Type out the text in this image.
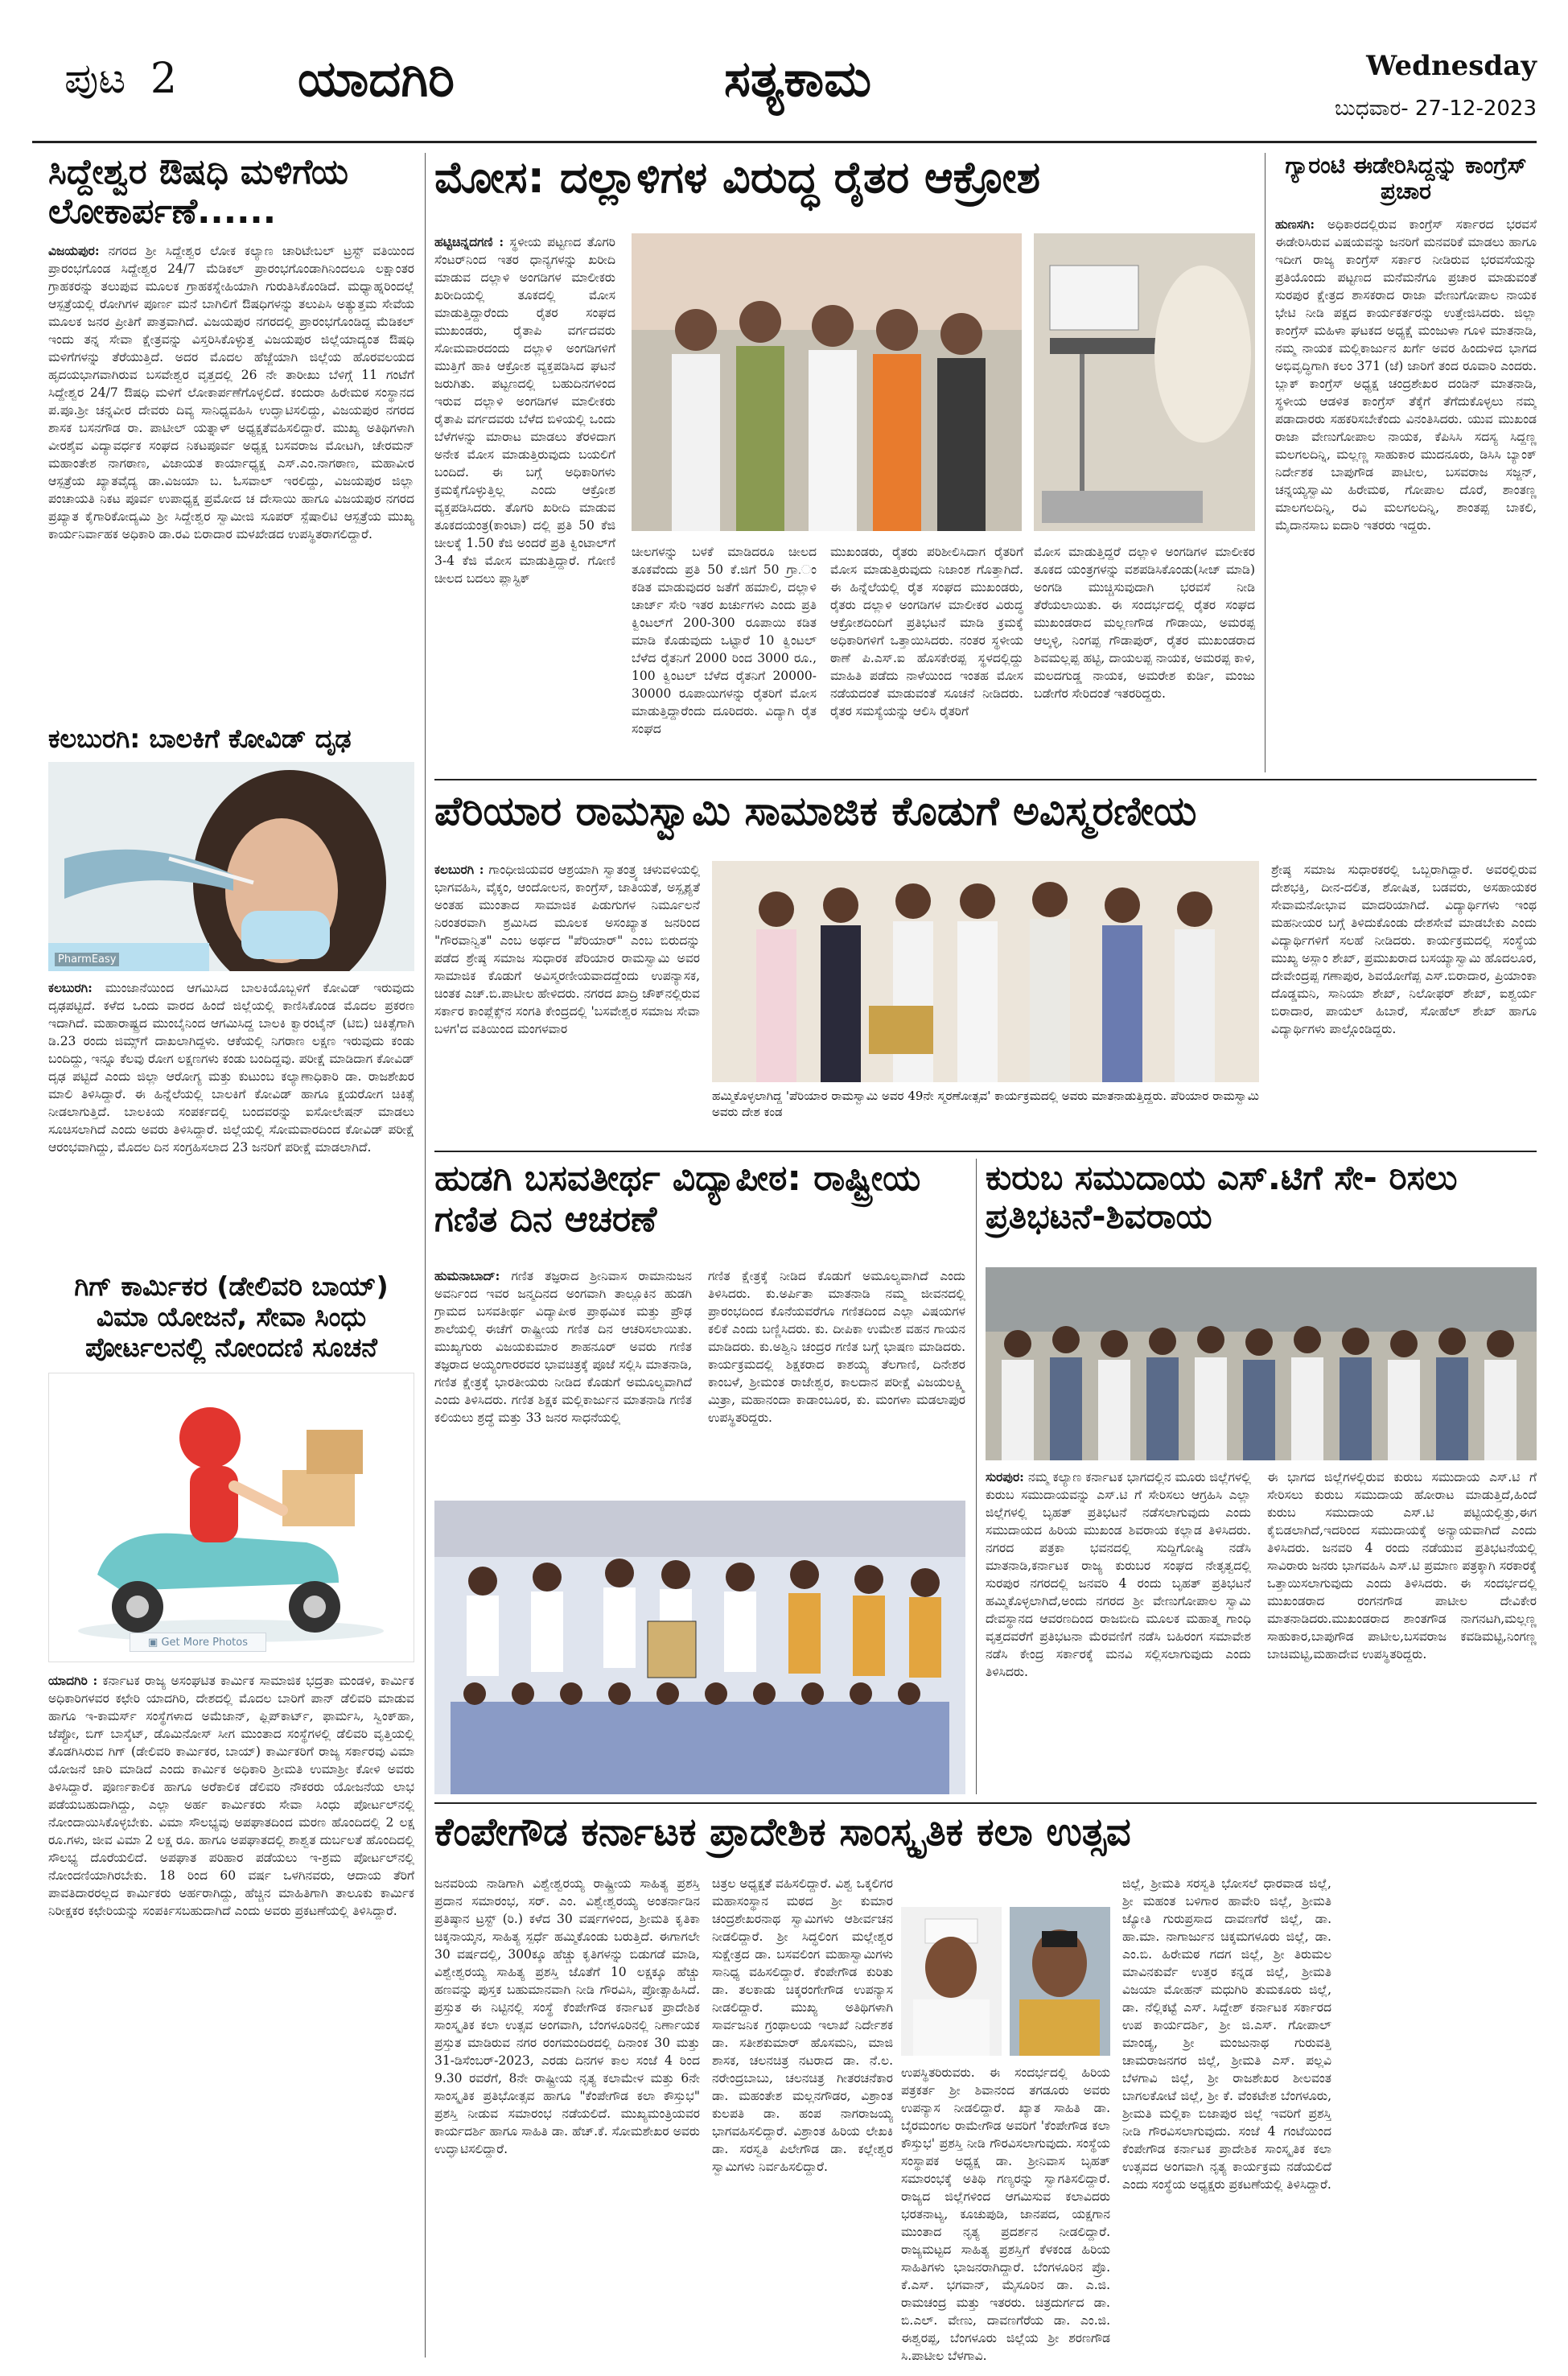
ಪುಟ 2 ಯಾದಗಿರಿ	ಸತ್ಯಕಾಮ	Wednesday
ಬುಧವಾರ- 27-12-2023
ಸಿದ್ದೇಶ್ವರ ಔಷಧಿ ಮಳಿಗೆಯ ಲೋಕಾರ್ಪಣೆ......

ವಿಜಯಪುರ: ನಗರದ ಶ್ರೀ ಸಿದ್ದೇಶ್ವರ ಲೋಕ ಕಲ್ಯಾಣ ಚಾರಿಟೇಬಲ್ ಟ್ರಸ್ಟ್ ವತಿಯಿಂದ ಪ್ರಾರಂಭಗೊಂಡ ಸಿದ್ದೇಶ್ವರ 24/7 ಮೆಡಿಕಲ್ ಪ್ರಾರಂಭಗೊಂಡಾಗಿನಿಂದಲೂ ಲಕ್ಷಾಂತರ ಗ್ರಾಹಕರನ್ನು ತಲುಪುವ ಮೂಲಕ ಗ್ರಾಹಕಸ್ನೇಹಿಯಾಗಿ ಗುರುತಿಸಿಕೊಂಡಿದೆ. ಮಧ್ಯಾಹ್ನರಿಂದಲ್ಲೆ ಆಸ್ಪತ್ರೆಯಲ್ಲಿ ರೋಗಿಗಳ ಪೂರ್ಣ ಮನೆ ಬಾಗಿಲಿಗೆ ಔಷಧಿಗಳನ್ನು ತಲುಪಿಸಿ ಅತ್ಯುತ್ತಮ ಸೇವೆಯ ಮೂಲಕ ಜನರ ಪ್ರೀತಿಗೆ ಪಾತ್ರವಾಗಿದೆ. ವಿಜಯಪುರ ನಗರದಲ್ಲಿ ಪ್ರಾರಂಭಗೊಂಡಿದ್ದ ಮೆಡಿಕಲ್ ಇಂದು ತನ್ನ ಸೇವಾ ಕ್ಷೇತ್ರವನ್ನು ವಿಸ್ತರಿಸಿಕೊಳ್ಳುತ್ತ ವಿಜಯಪುರ ಜಿಲ್ಲೆಯಾದ್ಯಂತ ಔಷಧಿ ಮಳಿಗೆಗಳನ್ನು ತೆರೆಯುತ್ತಿದೆ. ಅದರ ಮೊದಲ ಹೆಜ್ಜೆಯಾಗಿ ಜಿಲ್ಲೆಯ ಹೊರವಲಯದ ಹೃದಯಭಾಗವಾಗಿರುವ ಬಸವೇಶ್ವರ ವೃತ್ತದಲ್ಲಿ 26 ನೇ ತಾರೀಖು ಬೆಳಿಗ್ಗೆ 11 ಗಂಟೆಗೆ ಸಿದ್ದೇಶ್ವರ 24/7 ಔಷಧಿ ಮಳಿಗೆ ಲೋಕಾರ್ಪಣೆಗೊಳ್ಳಲಿದೆ. ಕಂದುರಾ ಹಿರೇಮಠ ಸಂಸ್ಥಾನದ ಪ.ಪೂ.ಶ್ರೀ ಚನ್ನವೀರ ದೇವರು ದಿವ್ಯ ಸಾನಿಧ್ಯವಹಿಸಿ ಉದ್ಘಾಟಿಸಲಿದ್ದು, ವಿಜಯಪುರ ನಗರದ ಶಾಸಕ ಬಸನಗೌಡ ರಾ. ಪಾಟೀಲ್ ಯತ್ನಾಳ್ ಅಧ್ಯಕ್ಷತೆವಹಿಸಲಿದ್ದಾರೆ. ಮುಖ್ಯ ಅತಿಥಿಗಳಾಗಿ ವೀರಶೈವ ವಿದ್ಯಾವರ್ಧಕ ಸಂಘದ ನಿಕಟಪೂರ್ವ ಅಧ್ಯಕ್ಷ ಬಸವರಾಜ ಮೋಟಗಿ, ಚೇರಮನ್ ಮಹಾಂತೇಶ ನಾಗಠಾಣ, ವಿಜಾಯತ ಕಾರ್ಯಾಧ್ಯಕ್ಷ ಎಸ್.ಎಂ.ನಾಗಠಾಣ, ಮಹಾವೀರ ಆಸ್ಪತ್ರೆಯ ಖ್ಯಾತವೈದ್ಯ ಡಾ.ವಿಜಯಾ ಬ. ಓಸವಾಲ್ ಇರಲಿದ್ದು, ವಿಜಯಪುರ ಜಿಲ್ಲಾ ಪಂಚಾಯತಿ ನಿಕಟ ಪೂರ್ವ ಉಪಾಧ್ಯಕ್ಷ ಪ್ರಮೋದ ಚ ದೇಸಾಯಿ ಹಾಗೂ ವಿಜಯಪುರ ನಗರದ ಪ್ರಖ್ಯಾತ ಕೈಗಾರಿಕೋದ್ಯಮಿ ಶ್ರೀ ಸಿದ್ದೇಶ್ವರ ಸ್ವಾಮೀಜಿ ಸೂಪರ್ ಸ್ಪೆಷಾಲಿಟಿ ಆಸ್ಪತ್ರೆಯ ಮುಖ್ಯ ಕಾರ್ಯನಿರ್ವಾಹಕ ಅಧಿಕಾರಿ ಡಾ.ರವಿ ಬಿರಾದಾರ ಮಳಖೇಡದ ಉಪಸ್ಥಿತರಾಗಲಿದ್ದಾರೆ.

ಕಲಬುರಗಿ: ಬಾಲಕಿಗೆ ಕೋವಿಡ್ ದೃಢ
PharmEasy

ಕಲಬುರಗಿ: ಮುಂಜಾನೆಯಿಂದ ಆಗಮಿಸಿದ ಬಾಲಕಿಯೊಬ್ಬಳಿಗೆ ಕೋವಿಡ್ ಇರುವುದು ದೃಢಪಟ್ಟಿದೆ. ಕಳೆದ ಒಂದು ವಾರದ ಹಿಂದೆ ಜಿಲ್ಲೆಯಲ್ಲಿ ಕಾಣಿಸಿಕೊಂಡ ಮೊದಲ ಪ್ರಕರಣ ಇದಾಗಿದೆ. ಮಹಾರಾಷ್ಟ್ರದ ಮುಂಬೈನಿಂದ ಆಗಮಿಸಿದ್ದ ಬಾಲಕಿ ಕ್ವಾರಂಟೈನ್ (ಟಿಬಿ) ಚಿಕಿತ್ಸೆಗಾಗಿ ಡಿ.23 ರಂದು ಜಿಮ್ಸ್‌ಗೆ ದಾಖಲಾಗಿದ್ದಳು. ಆಕೆಯಲ್ಲಿ ನಿಗರಾಣ ಲಕ್ಷಣ ಇರುವುದು ಕಂಡು ಬಂದಿದ್ದು, ಇನ್ನೂ ಕೆಲವು ರೋಗ ಲಕ್ಷಣಗಳು ಕಂಡು ಬಂದಿದ್ದವು. ಪರೀಕ್ಷೆ ಮಾಡಿದಾಗ ಕೋವಿಡ್ ದೃಢ ಪಟ್ಟಿದೆ ಎಂದು ಜಿಲ್ಲಾ ಆರೋಗ್ಯ ಮತ್ತು ಕುಟುಂಬ ಕಲ್ಯಾಣಾಧಿಕಾರಿ ಡಾ. ರಾಜಶೇಖರ ಮಾಲಿ ತಿಳಿಸಿದ್ದಾರೆ. ಈ ಹಿನ್ನೆಲೆಯಲ್ಲಿ ಬಾಲಕಿಗೆ ಕೋವಿಡ್ ಹಾಗೂ ಕ್ಷಯರೋಗ ಚಿಕಿತ್ಸೆ ನೀಡಲಾಗುತ್ತಿದೆ. ಬಾಲಕಿಯ ಸಂಪರ್ಕದಲ್ಲಿ ಬಂದವರನ್ನು ಐಸೋಲೇಷನ್ ಮಾಡಲು ಸೂಚಿಸಲಾಗಿದೆ ಎಂದು ಅವರು ತಿಳಿಸಿದ್ದಾರೆ. ಜಿಲ್ಲೆಯಲ್ಲಿ ಸೋಮವಾರದಿಂದ ಕೋವಿಡ್ ಪರೀಕ್ಷೆ ಆರಂಭವಾಗಿದ್ದು, ಮೊದಲ ದಿನ ಸಂಗ್ರಹಿಸಲಾದ 23 ಜನರಿಗೆ ಪರೀಕ್ಷೆ ಮಾಡಲಾಗಿದೆ.

ಗಿಗ್ ಕಾರ್ಮಿಕರ (ಡೇಲಿವರಿ ಬಾಯ್) ವಿಮಾ ಯೋಜನೆ, ಸೇವಾ ಸಿಂಧು ಪೋರ್ಟಲನಲ್ಲಿ ನೋಂದಣಿ ಸೂಚನೆ
▣ Get More Photos

ಯಾದಗಿರಿ : ಕರ್ನಾಟಕ ರಾಜ್ಯ ಅಸಂಘಟಿತ ಕಾರ್ಮಿಕ ಸಾಮಾಜಿಕ ಭದ್ರತಾ ಮಂಡಳಿ, ಕಾರ್ಮಿಕ ಅಧಿಕಾರಿಗಳವರ ಕಛೇರಿ ಯಾದಗಿರಿ, ದೇಶದಲ್ಲಿ ಮೊದಲ ಬಾರಿಗೆ ಪಾನ್ ಡೆಲಿವರಿ ಮಾಡುವ ಹಾಗೂ ಇ-ಕಾಮರ್ಸ್ ಸಂಸ್ಥೆಗಳಾದ ಅಮೆಜಾನ್, ಫ್ಲಿಪ್‌ಕಾರ್ಟ್, ಫಾರ್ಮಸಿ, ಸ್ವಿಂಕ್‌ಹಾ, ಜೆಪ್ಟೋ, ಬಿಗ್ ಬಾಸ್ಕೆಟ್, ಡೊಮಿನೋಸ್ ಸೀಗ ಮುಂತಾದ ಸಂಸ್ಥೆಗಳಲ್ಲಿ ಡೆಲಿವರಿ ವೃತ್ತಿಯಲ್ಲಿ ತೊಡಗಿಸಿರುವ ಗಿಗ್ (ಡೇಲಿವರಿ ಕಾರ್ಮಿಕರ, ಬಾಯ್) ಕಾರ್ಮಿಕರಿಗೆ ರಾಜ್ಯ ಸರ್ಕಾರವು ವಿಮಾ ಯೋಜನೆ ಜಾರಿ ಮಾಡಿದೆ ಎಂದು ಕಾರ್ಮಿಕ ಅಧಿಕಾರಿ ಶ್ರೀಮತಿ ಉಮಾಶ್ರೀ ಕೋಳಿ ಅವರು ತಿಳಿಸಿದ್ದಾರೆ. ಪೂರ್ಣಕಾಲಿಕ ಹಾಗೂ ಅರೆಕಾಲಿಕ ಡೆಲಿವರಿ ನೌಕರರು ಯೋಜನೆಯ ಲಾಭ ಪಡೆಯಬಹುದಾಗಿದ್ದು, ಎಲ್ಲಾ ಅರ್ಹ ಕಾರ್ಮಿಕರು ಸೇವಾ ಸಿಂಧು ಪೋರ್ಟಲ್‌ನಲ್ಲಿ ನೋಂದಾಯಿಸಿಕೊಳ್ಳಬೇಕು. ವಿಮಾ ಸೌಲಭ್ಯವು ಅಪಘಾತದಿಂದ ಮರಣ ಹೊಂದಿದಲ್ಲಿ 2 ಲಕ್ಷ ರೂ.ಗಳು, ಜೀವ ವಿಮಾ 2 ಲಕ್ಷ ರೂ. ಹಾಗೂ ಅಪಘಾತದಲ್ಲಿ ಶಾಶ್ವತ ದುರ್ಬಲತೆ ಹೊಂದಿದಲ್ಲಿ ಸೌಲಭ್ಯ ದೊರೆಯಲಿದೆ. ಅಪಘಾತ ಪರಿಹಾರ ಪಡೆಯಲು ಇ-ಶ್ರಮ ಪೋರ್ಟಲ್‌ನಲ್ಲಿ ನೋಂದಣಿಯಾಗಿರಬೇಕು. 18 ರಿಂದ 60 ವರ್ಷ ಒಳಗಿನವರು, ಆದಾಯ ತೆರಿಗೆ ಪಾವತಿದಾರರಲ್ಲದ ಕಾರ್ಮಿಕರು ಅರ್ಹರಾಗಿದ್ದು, ಹೆಚ್ಚಿನ ಮಾಹಿತಿಗಾಗಿ ತಾಲೂಕು ಕಾರ್ಮಿಕ ನಿರೀಕ್ಷಕರ ಕಛೇರಿಯನ್ನು ಸಂಪರ್ಕಿಸಬಹುದಾಗಿದೆ ಎಂದು ಅವರು ಪ್ರಕಟಣೆಯಲ್ಲಿ ತಿಳಿಸಿದ್ದಾರೆ.

ಮೋಸ: ದಲ್ಲಾಳಿಗಳ ವಿರುದ್ಧ ರೈತರ ಆಕ್ರೋಶ

ಹಟ್ಟಿಚಿನ್ನದಗಣಿ : ಸ್ಥಳೀಯ ಪಟ್ಟಣದ ತೊಗರಿ ಸೆಂಟರ್‌ನಿಂದ ಇತರ ಧಾನ್ಯಗಳನ್ನು ಖರೀದಿ ಮಾಡುವ ದಲ್ಲಾಳಿ ಅಂಗಡಿಗಳ ಮಾಲೀಕರು ಖರೀದಿಯಲ್ಲಿ ತೂಕದಲ್ಲಿ ಮೋಸ ಮಾಡುತ್ತಿದ್ದಾರೆಂದು ರೈತರ ಸಂಘದ ಮುಖಂಡರು, ರೈತಾಪಿ ವರ್ಗದವರು ಸೋಮವಾರದಂದು ದಲ್ಲಾಳಿ ಅಂಗಡಿಗಳಿಗೆ ಮುತ್ತಿಗೆ ಹಾಕಿ ಆಕ್ರೋಶ ವ್ಯಕ್ತಪಡಿಸಿದ ಘಟನೆ ಜರುಗಿತು. ಪಟ್ಟಣದಲ್ಲಿ ಬಹುದಿನಗಳಿಂದ ಇರುವ ದಲ್ಲಾಳಿ ಅಂಗಡಿಗಳ ಮಾಲೀಕರು ರೈತಾಪಿ ವರ್ಗದವರು ಬೆಳೆದ ಬಿಳಿಯಲ್ಲಿ ಒಂದು ಬೆಳೆಗಳನ್ನು ಮಾರಾಟ ಮಾಡಲು ತೆರಳಿದಾಗ ಅನೇಕ ಮೋಸ ಮಾಡುತ್ತಿರುವುದು ಬಯಲಿಗೆ ಬಂದಿದೆ. ಈ ಬಗ್ಗೆ ಅಧಿಕಾರಿಗಳು ಕ್ರಮಕೈಗೊಳ್ಳುತ್ತಿಲ್ಲ ಎಂದು ಆಕ್ರೋಶ ವ್ಯಕ್ತಪಡಿಸಿದರು. ತೊಗರಿ ಖರೀದಿ ಮಾಡುವ ತೂಕದಯಂತ್ರ(ಕಾಂಟಾ) ದಲ್ಲಿ ಪ್ರತಿ 50 ಕೆಜಿ ಚೀಲಕ್ಕೆ 1.50 ಕೆಜಿ ಅಂದರೆ ಪ್ರತಿ ಕ್ವಿಂಟಾಲ್‌ಗೆ 3-4 ಕೆಜಿ ಮೋಸ ಮಾಡುತ್ತಿದ್ದಾರೆ. ಗೋಣಿ ಚೀಲದ ಬದಲು ಪ್ಲಾಸ್ಟಿಕ್

ಚೀಲಗಳನ್ನು ಬಳಕೆ ಮಾಡಿದರೂ ಚೀಲದ ತೂಕವೆಂದು ಪ್ರತಿ 50 ಕೆ.ಜಿಗೆ 50 ಗ್ರಾ.ಂ ಕಡಿತ ಮಾಡುವುದರ ಜತೆಗೆ ಹಮಾಲಿ, ದಲ್ಲಾಳಿ ಚಾರ್ಜ್ ಸೇರಿ ಇತರ ಖರ್ಚುಗಳು ಎಂದು ಪ್ರತಿ ಕ್ವಿಂಟಲ್‌ಗೆ 200-300 ರೂಪಾಯಿ ಕಡಿತ ಮಾಡಿ ಕೊಡುವುದು ಒಟ್ಟಾರೆ 10 ಕ್ವಿಂಟಲ್ ಬೆಳೆದ ರೈತನಿಗೆ 2000 ರಿಂದ 3000 ರೂ., 100 ಕ್ವಿಂಟಲ್ ಬೆಳೆದ ರೈತನಿಗೆ 20000-30000 ರೂಪಾಯಿಗಳನ್ನು ರೈತರಿಗೆ ಮೋಸ ಮಾಡುತ್ತಿದ್ದಾರೆಂದು ದೂರಿದರು. ವಿದ್ಯಾಗಿ ರೈತ ಸಂಘದ

ಮುಖಂಡರು, ರೈತರು ಪರಿಶೀಲಿಸಿದಾಗ ರೈತರಿಗೆ ಮೋಸ ಮಾಡುತ್ತಿರುವುದು ನಿಜಾಂಶ ಗೊತ್ತಾಗಿದೆ. ಈ ಹಿನ್ನೆಲೆಯಲ್ಲಿ ರೈತ ಸಂಘದ ಮುಖಂಡರು, ರೈತರು ದಲ್ಲಾಳಿ ಅಂಗಡಿಗಳ ಮಾಲೀಕರ ವಿರುದ್ಧ ಆಕ್ರೋಶದಿಂದಿಗೆ ಪ್ರತಿಭಟನೆ ಮಾಡಿ ಕ್ರಮಕ್ಕೆ ಅಧಿಕಾರಿಗಳಿಗೆ ಒತ್ತಾಯಿಸಿದರು. ನಂತರ ಸ್ಥಳೀಯ ಠಾಣೆ ಪಿ.ಎಸ್.ಐ ಹೊಸಕೇರಪ್ಪ ಸ್ಥಳದಲ್ಲಿದ್ದು ಮಾಹಿತಿ ಪಡೆದು ನಾಳೆಯಿಂದ ಇಂತಹ ಮೋಸ ನಡೆಯದಂತೆ ಮಾಡುವಂತೆ ಸೂಚನೆ ನೀಡಿದರು. ರೈತರ ಸಮಸ್ಯೆಯನ್ನು ಆಲಿಸಿ ರೈತರಿಗೆ

ಮೋಸ ಮಾಡುತ್ತಿದ್ದರೆ ದಲ್ಲಾಳಿ ಅಂಗಡಿಗಳ ಮಾಲೀಕರ ತೂಕದ ಯಂತ್ರಗಳನ್ನು ವಶಪಡಿಸಿಕೊಂಡು(ಸೀಜ್ ಮಾಡಿ) ಅಂಗಡಿ ಮುಚ್ಚಿಸುವುದಾಗಿ ಭರವಸೆ ನೀಡಿ ತೆರೆಯಲಾಯಿತು. ಈ ಸಂದರ್ಭದಲ್ಲಿ ರೈತರ ಸಂಘದ ಮುಖಂಡರಾದ ಮಲ್ಲಣಗೌಡ ಗೌಡಾಯಿ, ಅಮರಪ್ಪ ಆಲ್ಕಳ್ಳಿ, ನಿಂಗಪ್ಪ ಗೌಡಾಪುರ್, ರೈತರ ಮುಖಂಡರಾದ ಶಿವಮಲ್ಲಪ್ಪ ಹಟ್ಟಿ, ದಾಯಲಪ್ಪ ನಾಯಕ, ಅಮರಪ್ಪ ಕಾಳಿ, ಮಲದಗುಡ್ಡ ನಾಯಕ, ಅಮರೇಶ ಕುರ್ಡಿ, ಮಂಜು ಬಡೇಗೆರ ಸೇರಿದಂತೆ ಇತರರಿದ್ದರು.

ಗ್ಯಾರಂಟಿ ಈಡೇರಿಸಿದ್ದನ್ನು ಕಾಂಗ್ರೆಸ್ ಪ್ರಚಾರ

ಹುಣಸಗಿ: ಅಧಿಕಾರದಲ್ಲಿರುವ ಕಾಂಗ್ರೆಸ್ ಸರ್ಕಾರದ ಭರವಸೆ ಈಡೇರಿಸಿರುವ ವಿಷಯವನ್ನು ಜನರಿಗೆ ಮನವರಿಕೆ ಮಾಡಲು ಹಾಗೂ ಇದೀಗ ರಾಜ್ಯ ಕಾಂಗ್ರೆಸ್ ಸರ್ಕಾರ ನೀಡಿರುವ ಭರವಸೆಯನ್ನು ಪ್ರತಿಯೊಂದು ಪಟ್ಟಣದ ಮನೆಮನೆಗೂ ಪ್ರಚಾರ ಮಾಡುವಂತೆ ಸುರಪುರ ಕ್ಷೇತ್ರದ ಶಾಸಕರಾದ ರಾಜಾ ವೇಣುಗೋಪಾಲ ನಾಯಕ ಭೇಟಿ ನೀಡಿ ಪಕ್ಷದ ಕಾರ್ಯಕರ್ತರನ್ನು ಉತ್ತೇಜಿಸಿದರು. ಜಿಲ್ಲಾ ಕಾಂಗ್ರೆಸ್ ಮಹಿಳಾ ಘಟಕದ ಅಧ್ಯಕ್ಷೆ ಮಂಜುಳಾ ಗೂಳಿ ಮಾತನಾಡಿ, ನಮ್ಮ ನಾಯಕ ಮಲ್ಲಿಕಾರ್ಜುನ ಖರ್ಗೆ ಅವರ ಹಿಂದುಳಿದ ಭಾಗದ ಅಭಿವೃದ್ಧಿಗಾಗಿ ಕಲಂ 371 (ಜೆ) ಜಾರಿಗೆ ತಂದ ರೂವಾರಿ ಎಂದರು. ಬ್ಲಾಕ್ ಕಾಂಗ್ರೆಸ್ ಅಧ್ಯಕ್ಷ ಚಂದ್ರಶೇಖರ ದಂಡಿನ್ ಮಾತನಾಡಿ, ಸ್ಥಳೀಯ ಆಡಳಿತ ಕಾಂಗ್ರೆಸ್ ತೆಕ್ಕೆಗೆ ತೆಗೆದುಕೊಳ್ಳಲು ನಮ್ಮ ಪಡಾದಾರರು ಸಹಕರಿಸಬೇಕೆಂದು ವಿನಂತಿಸಿದರು. ಯುವ ಮುಖಂಡ ರಾಜಾ ವೇಣುಗೋಪಾಲ ನಾಯಕ, ಕೆಪಿಸಿಸಿ ಸದಸ್ಯ ಸಿದ್ದಣ್ಣ ಮಲಗಲದಿನ್ನಿ, ಮಲ್ಲಣ್ಣ ಸಾಹುಕಾರ ಮುದನೂರು, ಡಿಸಿಸಿ ಬ್ಯಾಂಕ್ ನಿರ್ದೇಶಕ ಬಾಪುಗೌಡ ಪಾಟೀಲ, ಬಸವರಾಜ ಸಜ್ಜನ್, ಚನ್ನಯ್ಯಸ್ವಾಮಿ ಹಿರೇಮಠ, ಗೋಪಾಲ ದೊರೆ, ಶಾಂತಣ್ಣ ಮಾಲಗಲದಿನ್ನಿ, ರವಿ ಮಲಗಲದಿನ್ನಿ, ಶಾಂತಪ್ಪ ಬಾಕಲಿ, ಮೈದಾನಸಾಬ ಐದಾರಿ ಇತರರು ಇದ್ದರು.

ಪೆರಿಯಾರ ರಾಮಸ್ವಾಮಿ ಸಾಮಾಜಿಕ ಕೊಡುಗೆ ಅವಿಸ್ಮರಣೀಯ

ಕಲಬುರಗಿ : ಗಾಂಧೀಜಿಯವರ ಆಶ್ರಯಾಗಿ ಸ್ವಾತಂತ್ರ್ಯ ಚಳುವಳಿಯಲ್ಲಿ ಭಾಗವಹಿಸಿ, ವೈಕ್ಕಂ, ಆಂದೋಲನ, ಕಾಂಗ್ರೆಸ್, ಜಾತಿಯತೆ, ಅಸ್ಪೃಶ್ಯತೆ ಅಂತಹ ಮುಂತಾದ ಸಾಮಾಜಿಕ ಪಿಡುಗುಗಳ ನಿರ್ಮೂಲನೆ ನಿರಂತರವಾಗಿ ಶ್ರಮಿಸಿದ ಮೂಲಕ ಅಸಂಖ್ಯಾತ ಜನರಿಂದ "ಗೌರವಾನ್ವಿತ" ಎಂಬ ಅರ್ಥದ "ಪೆರಿಯಾರ್" ಎಂಬ ಬಿರುದನ್ನು ಪಡೆದ ಶ್ರೇಷ್ಠ ಸಮಾಜ ಸುಧಾರಕ ಪೆರಿಯಾರ ರಾಮಸ್ವಾಮಿ ಅವರ ಸಾಮಾಜಿಕ ಕೊಡುಗೆ ಅವಿಸ್ಮರಣೀಯವಾದದ್ದೆಂದು ಉಪನ್ಯಾಸಕ, ಚಿಂತಕ ಎಚ್.ಬಿ.ಪಾಟೀಲ ಹೇಳಿದರು. ನಗರದ ಖಾದ್ರಿ ಚೌಕ್‌ನಲ್ಲಿರುವ ಸರ್ಕಾರ ಕಾಂಪ್ಲೆಕ್ಸ್‌ನ ಸಂಗತಿ ಕೇಂದ್ರದಲ್ಲಿ 'ಬಸವೇಶ್ವರ ಸಮಾಜ ಸೇವಾ ಬಳಗ'ದ ವತಿಯಿಂದ ಮಂಗಳವಾರ

ಹಮ್ಮಿಕೊಳ್ಳಲಾಗಿದ್ದ 'ಪೆರಿಯಾರ ರಾಮಸ್ವಾಮಿ ಅವರ 49ನೇ ಸ್ಮರಣೋತ್ಸವ' ಕಾರ್ಯಕ್ರಮದಲ್ಲಿ ಅವರು ಮಾತನಾಡುತ್ತಿದ್ದರು. ಪೆರಿಯಾರ ರಾಮಸ್ವಾಮಿ ಅವರು ದೇಶ ಕಂಡ

ಶ್ರೇಷ್ಠ ಸಮಾಜ ಸುಧಾರಕರಲ್ಲಿ ಒಬ್ಬರಾಗಿದ್ದಾರೆ. ಅವರಲ್ಲಿರುವ ದೇಶಭಕ್ತಿ, ದೀನ-ದಲಿತ, ಶೋಷಿತ, ಬಡವರು, ಅಸಹಾಯಕರ ಸೇವಾಮನೋಭಾವ ಮಾದರಿಯಾಗಿದೆ. ವಿದ್ಯಾರ್ಥಿಗಳು ಇಂಥ ಮಹನೀಯರ ಬಗ್ಗೆ ತಿಳಿದುಕೊಂಡು ದೇಶಸೇವೆ ಮಾಡಬೇಕು ಎಂದು ವಿದ್ಯಾರ್ಥಿಗಳಿಗೆ ಸಲಹೆ ನೀಡಿದರು. ಕಾರ್ಯಕ್ರಮದಲ್ಲಿ ಸಂಸ್ಥೆಯ ಮುಖ್ಯ ಅಸ್ಲಾಂ ಶೇಖ್, ಪ್ರಮುಖರಾದ ಬಸಯ್ಯಾಸ್ವಾಮಿ ಹೊದಲೂರ, ದೇವೇಂದ್ರಪ್ಪ ಗಣಾಪುರ, ಶಿವಯೋಗೆಪ್ಪ ಎಸ್.ಬಿರಾದಾರ, ಪ್ರಿಯಾಂಕಾ ದೊಡ್ಡಮನಿ, ಸಾನಿಯಾ ಶೇಖ್, ನಿಲೋಫರ್ ಶೇಖ್, ಐಶ್ವರ್ಯ ಬಿರಾದಾರ, ಪಾಯಲ್ ಹಿಬಾರೆ, ಸೋಹೆಲ್ ಶೇಖ್ ಹಾಗೂ ವಿದ್ಯಾರ್ಥಿಗಳು ಪಾಲ್ಗೊಂಡಿದ್ದರು.

ಹುಡಗಿ ಬಸವತೀರ್ಥ ವಿದ್ಯಾಪೀಠ: ರಾಷ್ಟ್ರೀಯ ಗಣಿತ ದಿನ ಆಚರಣೆ

ಹುಮನಾಬಾದ್: ಗಣಿತ ತಜ್ಞರಾದ ಶ್ರೀನಿವಾಸ ರಾಮಾನುಜನ ಅವರ್ನಿಂದ ಇವರ ಜನ್ಮದಿನದ ಅಂಗವಾಗಿ ತಾಲ್ಲೂಕಿನ ಹುಡಗಿ ಗ್ರಾಮದ ಬಸವತೀರ್ಥ ವಿದ್ಯಾಪೀಠ ಪ್ರಾಥಮಿಕ ಮತ್ತು ಪ್ರೌಢ ಶಾಲೆಯಲ್ಲಿ ಈಚೆಗೆ ರಾಷ್ಟ್ರೀಯ ಗಣಿತ ದಿನ ಆಚರಿಸಲಾಯಿತು. ಮುಖ್ಯಗುರು ವಿಜಯಕುಮಾರ ಶಾಹನೂರ್ ಅವರು ಗಣಿತ ತಜ್ಞರಾದ ಅಯ್ಯಂಗಾರರವರ ಭಾವಚಿತ್ರಕ್ಕೆ ಪೂಜೆ ಸಲ್ಲಿಸಿ ಮಾತನಾಡಿ, ಗಣಿತ ಕ್ಷೇತ್ರಕ್ಕೆ ಭಾರತೀಯರು ನೀಡಿದ ಕೊಡುಗೆ ಅಮೂಲ್ಯವಾಗಿದೆ ಎಂದು ತಿಳಿಸಿದರು. ಗಣಿತ ಶಿಕ್ಷಕ ಮಲ್ಲಿಕಾರ್ಜುನ ಮಾತನಾಡಿ ಗಣಿತ ಕಲಿಯಲು ಶ್ರದ್ಧೆ ಮತ್ತು 33 ಜನರ ಸಾಧನೆಯಲ್ಲಿ

ಗಣಿತ ಕ್ಷೇತ್ರಕ್ಕೆ ನೀಡಿದ ಕೊಡುಗೆ ಅಮೂಲ್ಯವಾಗಿದೆ ಎಂದು ತಿಳಿಸಿದರು. ಕು.ಅರ್ಪಿತಾ ಮಾತನಾಡಿ ನಮ್ಮ ಜೀವನದಲ್ಲಿ ಪ್ರಾರಂಭದಿಂದ ಕೊನೆಯವರೆಗೂ ಗಣಿತದಿಂದ ಎಲ್ಲಾ ವಿಷಯಗಳ ಕಲಿಕೆ ಎಂದು ಬಣ್ಣಿಸಿದರು. ಕು. ದೀಪಿಕಾ ಉಮೇಶ ವಹನ ಗಾಯನ ಮಾಡಿದರು. ಕು.ಅಶ್ವಿನಿ ಚಂದ್ರರ ಗಣಿತ ಬಗ್ಗೆ ಭಾಷಣ ಮಾಡಿದರು. ಕಾರ್ಯಕ್ರಮದಲ್ಲಿ ಶಿಕ್ಷಕರಾದ ಕಾಶಯ್ಯ ತೆಲಗಾಣಿ, ದಿನೇಶರ ಕಾಂಬಳೆ, ಶ್ರೀಮಂತ ರಾಜೇಶ್ವರ, ಕಾಲದಾನ ಪರೀಕ್ಷೆ ವಿಜಯಲಕ್ಷ್ಮಿ ಮಿತ್ರಾ, ಮಹಾನಂದಾ ಕಾಡಾಂಬೂರ, ಕು. ಮಂಗಳಾ ಮಡಲಾಪುರ ಉಪಸ್ಥಿತರಿದ್ದರು.

ಕುರುಬ ಸಮುದಾಯ ಎಸ್.ಟಿಗೆ ಸೇ- ರಿಸಲು ಪ್ರತಿಭಟನೆ-ಶಿವರಾಯ

ಸುರಪುರ: ನಮ್ಮ ಕಲ್ಯಾಣ ಕರ್ನಾಟಕ ಭಾಗದಲ್ಲಿನ ಮೂರು ಜಿಲ್ಲೆಗಳಲ್ಲಿ ಕುರುಬ ಸಮುದಾಯವನ್ನು ಎಸ್.ಟಿ ಗೆ ಸೇರಿಸಲು ಆಗ್ರಹಿಸಿ ಎಲ್ಲಾ ಜಿಲ್ಲೆಗಳಲ್ಲಿ ಬೃಹತ್ ಪ್ರತಿಭಟನೆ ನಡೆಸಲಾಗುವುದು ಎಂದು ಸಮುದಾಯದ ಹಿರಿಯ ಮುಖಂಡ ಶಿವರಾಯ ಕಲ್ಲಾಡ ತಿಳಿಸಿದರು. ನಗರದ ಪತ್ರಕಾ ಭವನದಲ್ಲಿ ಸುದ್ದಿಗೋಷ್ಠಿ ನಡೆಸಿ ಮಾತನಾಡಿ,ಕರ್ನಾಟಕ ರಾಜ್ಯ ಕುರುಬರ ಸಂಘದ ನೇತೃತ್ವದಲ್ಲಿ ಸುರಪುರ ನಗರದಲ್ಲಿ ಜನವರಿ 4 ರಂದು ಬೃಹತ್ ಪ್ರತಿಭಟನೆ ಹಮ್ಮಿಕೊಳ್ಳಲಾಗಿದೆ,ಅಂದು ನಗರದ ಶ್ರೀ ವೇಣುಗೋಪಾಲ ಸ್ವಾಮಿ ದೇವಸ್ಥಾನದ ಆವರಣದಿಂದ ರಾಜಬೀದಿ ಮೂಲಕ ಮಹಾತ್ಮ ಗಾಂಧಿ ವೃತ್ತದವರೆಗೆ ಪ್ರತಿಭಟನಾ ಮೆರವಣಿಗೆ ನಡೆಸಿ ಬಹಿರಂಗ ಸಮಾವೇಶ ನಡೆಸಿ ಕೇಂದ್ರ ಸರ್ಕಾರಕ್ಕೆ ಮನವಿ ಸಲ್ಲಿಸಲಾಗುವುದು ಎಂದು ತಿಳಿಸಿದರು.

ಈ ಭಾಗದ ಜಿಲ್ಲೆಗಳಲ್ಲಿರುವ ಕುರುಬ ಸಮುದಾಯ ಎಸ್.ಟಿ ಗೆ ಸೇರಿಸಲು ಕುರುಬ ಸಮುದಾಯ ಹೋರಾಟ ಮಾಡುತ್ತಿದೆ,ಹಿಂದೆ ಕುರುಬ ಸಮುದಾಯ ಎಸ್.ಟಿ ಪಟ್ಟಿಯಲ್ಲಿತ್ತು,ಈಗ ಕೈಬಿಡಲಾಗಿದೆ,ಇದರಿಂದ ಸಮುದಾಯಕ್ಕೆ ಅನ್ಯಾಯವಾಗಿದೆ ಎಂದು ತಿಳಿಸಿದರು. ಜನವರಿ 4 ರಂದು ನಡೆಯುವ ಪ್ರತಿಭಟನೆಯಲ್ಲಿ ಸಾವಿರಾರು ಜನರು ಭಾಗವಹಿಸಿ ಎಸ್.ಟಿ ಪ್ರಮಾಣ ಪತ್ರಕ್ಕಾಗಿ ಸರಕಾರಕ್ಕೆ ಒತ್ತಾಯಿಸಲಾಗುವುದು ಎಂದು ತಿಳಿಸಿದರು. ಈ ಸಂದರ್ಭದಲ್ಲಿ ಮುಖಂಡರಾದ ರಂಗನಗೌಡ ಪಾಟೀಲ ದೇವಿಕೇರ ಮಾತನಾಡಿದರು.ಮುಖಂಡರಾದ ಶಾಂತಗೌಡ ನಾಗನಟಗಿ,ಮಲ್ಲಣ್ಣ ಸಾಹುಕಾರ,ಬಾಪುಗೌಡ ಪಾಟೀಲ,ಬಸವರಾಜ ಕವಡಿಮಟ್ಟಿ,ನಿಂಗಣ್ಣ ಬಾಚಿಮಟ್ಟಿ,ಮಹಾದೇವ ಉಪಸ್ಥಿತರಿದ್ದರು.

ಕೆಂಪೇಗೌಡ ಕರ್ನಾಟಕ ಪ್ರಾದೇಶಿಕ ಸಾಂಸ್ಕೃತಿಕ ಕಲಾ ಉತ್ಸವ

ಜನವರಿಯ ನಾಡಿಗಾಗಿ ವಿಶ್ವೇಶ್ವರಯ್ಯ ರಾಷ್ಟ್ರೀಯ ಸಾಹಿತ್ಯ ಪ್ರಶಸ್ತಿ ಪ್ರದಾನ ಸಮಾರಂಭ, ಸರ್. ಎಂ. ವಿಶ್ವೇಶ್ವರಯ್ಯ ಅಂತರ್ನಾಡಿನ ಪ್ರತಿಷ್ಠಾನ ಟ್ರಸ್ಟ್ (ರಿ.) ಕಳೆದ 30 ವರ್ಷಗಳಿಂದ, ಶ್ರೀಮತಿ ಕೃತಿಕಾ ಚಿಕ್ಕನಾಯ್ಕನ, ಸಾಹಿತ್ಯ ಸ್ಪರ್ಧೆ ಹಮ್ಮಿಕೊಂಡು ಬರುತ್ತಿದೆ. ಈಗಾಗಲೇ 30 ವರ್ಷದಲ್ಲಿ, 300ಕ್ಕೂ ಹೆಚ್ಚು ಕೃತಿಗಳನ್ನು ಬಿಡುಗಡೆ ಮಾಡಿ, ವಿಶ್ವೇಶ್ವರಯ್ಯ ಸಾಹಿತ್ಯ ಪ್ರಶಸ್ತಿ ಜೊತೆಗೆ 10 ಲಕ್ಷಕ್ಕೂ ಹೆಚ್ಚು ಹಣವನ್ನು ಪುಸ್ತಕ ಬಹುಮಾನವಾಗಿ ನೀಡಿ ಗೌರವಿಸಿ, ಪ್ರೋತ್ಸಾಹಿಸಿದೆ. ಪ್ರಸ್ತುತ ಈ ನಿಟ್ಟಿನಲ್ಲಿ ಸಂಸ್ಥೆ ಕೆಂಪೇಗೌಡ ಕರ್ನಾಟಕ ಪ್ರಾದೇಶಿಕ ಸಾಂಸ್ಕೃತಿಕ ಕಲಾ ಉತ್ಸವ ಅಂಗವಾಗಿ, ಬೆಂಗಳೂರಿನಲ್ಲಿ ನಿರ್ಣಾಯಕ ಪ್ರಸ್ತುತ ಮಾಡಿರುವ ನಗರ ರಂಗಮಂದಿರದಲ್ಲಿ ದಿನಾಂಕ 30 ಮತ್ತು 31-ಡಿಸೆಂಬರ್-2023, ಎರಡು ದಿನಗಳ ಕಾಲ ಸಂಜೆ 4 ರಿಂದ 9.30 ರವರೆಗೆ, 8ನೇ ರಾಷ್ಟ್ರೀಯ ನೃತ್ಯ ಕಲಾಮೇಳ ಮತ್ತು 6ನೇ ಸಾಂಸ್ಕೃತಿಕ ಪ್ರತಿಭೋತ್ಸವ ಹಾಗೂ "ಕೆಂಪೇಗೌಡ ಕಲಾ ಕೌಸ್ತುಭ" ಪ್ರಶಸ್ತಿ ನೀಡುವ ಸಮಾರಂಭ ನಡೆಯಲಿದೆ. ಮುಖ್ಯಮಂತ್ರಿಯವರ ಕಾರ್ಯದರ್ಶಿ ಹಾಗೂ ಸಾಹಿತಿ ಡಾ. ಹೆಚ್.ಕೆ. ಸೋಮಶೇಖರ ಅವರು ಉದ್ಘಾಟಿಸಲಿದ್ದಾರೆ.

ಚಿತ್ರಲ ಅಧ್ಯಕ್ಷತೆ ವಹಿಸಲಿದ್ದಾರೆ. ವಿಶ್ವ ಒಕ್ಕಲಿಗರ ಮಹಾಸಂಸ್ಥಾನ ಮಠದ ಶ್ರೀ ಕುಮಾರ ಚಂದ್ರಶೇಖರನಾಥ ಸ್ವಾಮಿಗಳು ಆಶೀರ್ವಚನ ನೀಡಲಿದ್ದಾರೆ. ಶ್ರೀ ಸಿದ್ಧಲಿಂಗ ಮಲ್ಲೇಶ್ವರ ಸುಕ್ಷೇತ್ರದ ಡಾ. ಬಸವಲಿಂಗ ಮಹಾಸ್ವಾಮಿಗಳು ಸಾನಿಧ್ಯ ವಹಿಸಲಿದ್ದಾರೆ. ಕೆಂಪೇಗೌಡ ಕುರಿತು ಡಾ. ತಲಕಾಡು ಚಿಕ್ಕರಂಗೇಗೌಡ ಉಪನ್ಯಾಸ ನೀಡಲಿದ್ದಾರೆ. ಮುಖ್ಯ ಅತಿಥಿಗಳಾಗಿ ಸಾರ್ವಜನಿಕ ಗ್ರಂಥಾಲಯ ಇಲಾಖೆ ನಿರ್ದೇಶಕ ಡಾ. ಸತೀಶಕುಮಾರ್ ಹೊಸಮನಿ, ಮಾಜಿ ಶಾಸಕ, ಚಲನಚಿತ್ರ ನಟರಾದ ಡಾ. ನೆ.ಲ. ನರೇಂದ್ರಬಾಬು, ಚಲನಚಿತ್ರ ಗೀತರಚನೆಕಾರ ಡಾ. ಮಹಂತೇಶ ಮಲ್ಲನಗೌಡರ, ವಿಶ್ರಾಂತ ಕುಲಪತಿ ಡಾ. ಹಂಪ ನಾಗರಾಜಯ್ಯ ಭಾಗವಹಿಸಲಿದ್ದಾರೆ. ವಿಶ್ರಾಂತ ಹಿರಿಯ ಲೇಖಕಿ ಡಾ. ಸರಸ್ವತಿ ಪಿಲೇಗೌಡ ಡಾ. ಕಲ್ಲೇಶ್ವರ ಸ್ವಾಮಿಗಳು ನಿರ್ವಹಿಸಲಿದ್ದಾರೆ.

ಉಪಸ್ಥಿತರಿರುವರು. ಈ ಸಂದರ್ಭದಲ್ಲಿ ಹಿರಿಯ ಪತ್ರಕರ್ತ ಶ್ರೀ ಶಿವಾನಂದ ತಗಡೂರು ಅವರು ಉಪನ್ಯಾಸ ನೀಡಲಿದ್ದಾರೆ. ಖ್ಯಾತ ಸಾಹಿತಿ ಡಾ. ಬೈರಮಂಗಲ ರಾಮೇಗೌಡ ಅವರಿಗೆ 'ಕೆಂಪೇಗೌಡ ಕಲಾ ಕೌಸ್ತುಭ' ಪ್ರಶಸ್ತಿ ನೀಡಿ ಗೌರವಿಸಲಾಗುವುದು. ಸಂಸ್ಥೆಯ ಸಂಸ್ಥಾಪಕ ಅಧ್ಯಕ್ಷ ಡಾ. ಶ್ರೀನಿವಾಸ ಬೃಹತ್ ಸಮಾರಂಭಕ್ಕೆ ಅತಿಥಿ ಗಣ್ಯರನ್ನು ಸ್ವಾಗತಿಸಲಿದ್ದಾರೆ. ರಾಜ್ಯದ ಜಿಲ್ಲೆಗಳಿಂದ ಆಗಮಿಸುವ ಕಲಾವಿದರು ಭರತನಾಟ್ಯ, ಕೂಚುಪುಡಿ, ಜಾನಪದ, ಯಕ್ಷಗಾನ ಮುಂತಾದ ನೃತ್ಯ ಪ್ರದರ್ಶನ ನೀಡಲಿದ್ದಾರೆ. ರಾಜ್ಯಮಟ್ಟದ ಸಾಹಿತ್ಯ ಪ್ರಶಸ್ತಿಗೆ ಕೆಳಕಂಡ ಹಿರಿಯ ಸಾಹಿತಿಗಳು ಭಾಜನರಾಗಿದ್ದಾರೆ. ಬೆಂಗಳೂರಿನ ಪ್ರೊ. ಕೆ.ಎಸ್. ಭಗವಾನ್, ಮೈಸೂರಿನ ಡಾ. ಎ.ಜಿ. ರಾಮಚಂದ್ರ ಮತ್ತು ಇತರರು. ಚಿತ್ರದುರ್ಗದ ಡಾ. ಬಿ.ಎಲ್. ವೇಣು, ದಾವಣಗೆರೆಯ ಡಾ. ಎಂ.ಜಿ. ಈಶ್ವರಪ್ಪ, ಬೆಂಗಳೂರು ಜಿಲ್ಲೆಯ ಶ್ರೀ ಶರಣಗೌಡ ಸಿ.ಪಾಟೀಲ ಬೆಳಗಾವಿ.

ಜಿಲ್ಲೆ, ಶ್ರೀಮತಿ ಸರಸ್ವತಿ ಭೋಸಲೆ ಧಾರವಾಡ ಜಿಲ್ಲೆ, ಶ್ರೀ ಮಹಂತ ಬಳಿಗಾರ ಹಾವೇರಿ ಜಿಲ್ಲೆ, ಶ್ರೀಮತಿ ಜ್ಯೋತಿ ಗುರುಪ್ರಸಾದ ದಾವಣಗೆರೆ ಜಿಲ್ಲೆ, ಡಾ. ಹಾ.ಮಾ. ನಾಗಾರ್ಜುನ ಚಿಕ್ಕಮಗಳೂರು ಜಿಲ್ಲೆ, ಡಾ. ಎಂ.ಬಿ. ಹಿರೇಮಠ ಗದಗ ಜಿಲ್ಲೆ, ಶ್ರೀ ತಿರುಮಲ ಮಾವಿನಕುರ್ವೆ ಉತ್ತರ ಕನ್ನಡ ಜಿಲ್ಲೆ, ಶ್ರೀಮತಿ ವಿಜಯಾ ಮೋಹನ್ ಮಧುಗಿರಿ ತುಮಕೂರು ಜಿಲ್ಲೆ, ಡಾ. ನೆಲ್ಲಿಕಟ್ಟೆ ಎಸ್. ಸಿದ್ದೇಶ್ ಕರ್ನಾಟಕ ಸರ್ಕಾರದ ಉಪ ಕಾರ್ಯದರ್ಶಿ, ಶ್ರೀ ಜಿ.ಎಸ್. ಗೋಪಾಲ್ ಮಾಂಡ್ಯ, ಶ್ರೀ ಮಂಜುನಾಥ ಗುರುವತ್ತಿ ಚಾಮರಾಜನಗರ ಜಿಲ್ಲೆ, ಶ್ರೀಮತಿ ಎಸ್. ಪಲ್ಲವಿ ಬೆಳಗಾವಿ ಜಿಲ್ಲೆ, ಶ್ರೀ ರಾಜಶೇಖರ ಶೀಲವಂತ ಬಾಗಲಕೋಟೆ ಜಿಲ್ಲೆ, ಶ್ರೀ ಕೆ. ವೆಂಕಟೇಶ ಬೆಂಗಳೂರು, ಶ್ರೀಮತಿ ಮಲ್ಲಿಕಾ ಬಿಜಾಪುರ ಜಿಲ್ಲೆ ಇವರಿಗೆ ಪ್ರಶಸ್ತಿ ನೀಡಿ ಗೌರವಿಸಲಾಗುವುದು. ಸಂಜೆ 4 ಗಂಟೆಯಿಂದ ಕೆಂಪೇಗೌಡ ಕರ್ನಾಟಕ ಪ್ರಾದೇಶಿಕ ಸಾಂಸ್ಕೃತಿಕ ಕಲಾ ಉತ್ಸವದ ಅಂಗವಾಗಿ ನೃತ್ಯ ಕಾರ್ಯಕ್ರಮ ನಡೆಯಲಿದೆ ಎಂದು ಸಂಸ್ಥೆಯ ಅಧ್ಯಕ್ಷರು ಪ್ರಕಟಣೆಯಲ್ಲಿ ತಿಳಿಸಿದ್ದಾರೆ.
